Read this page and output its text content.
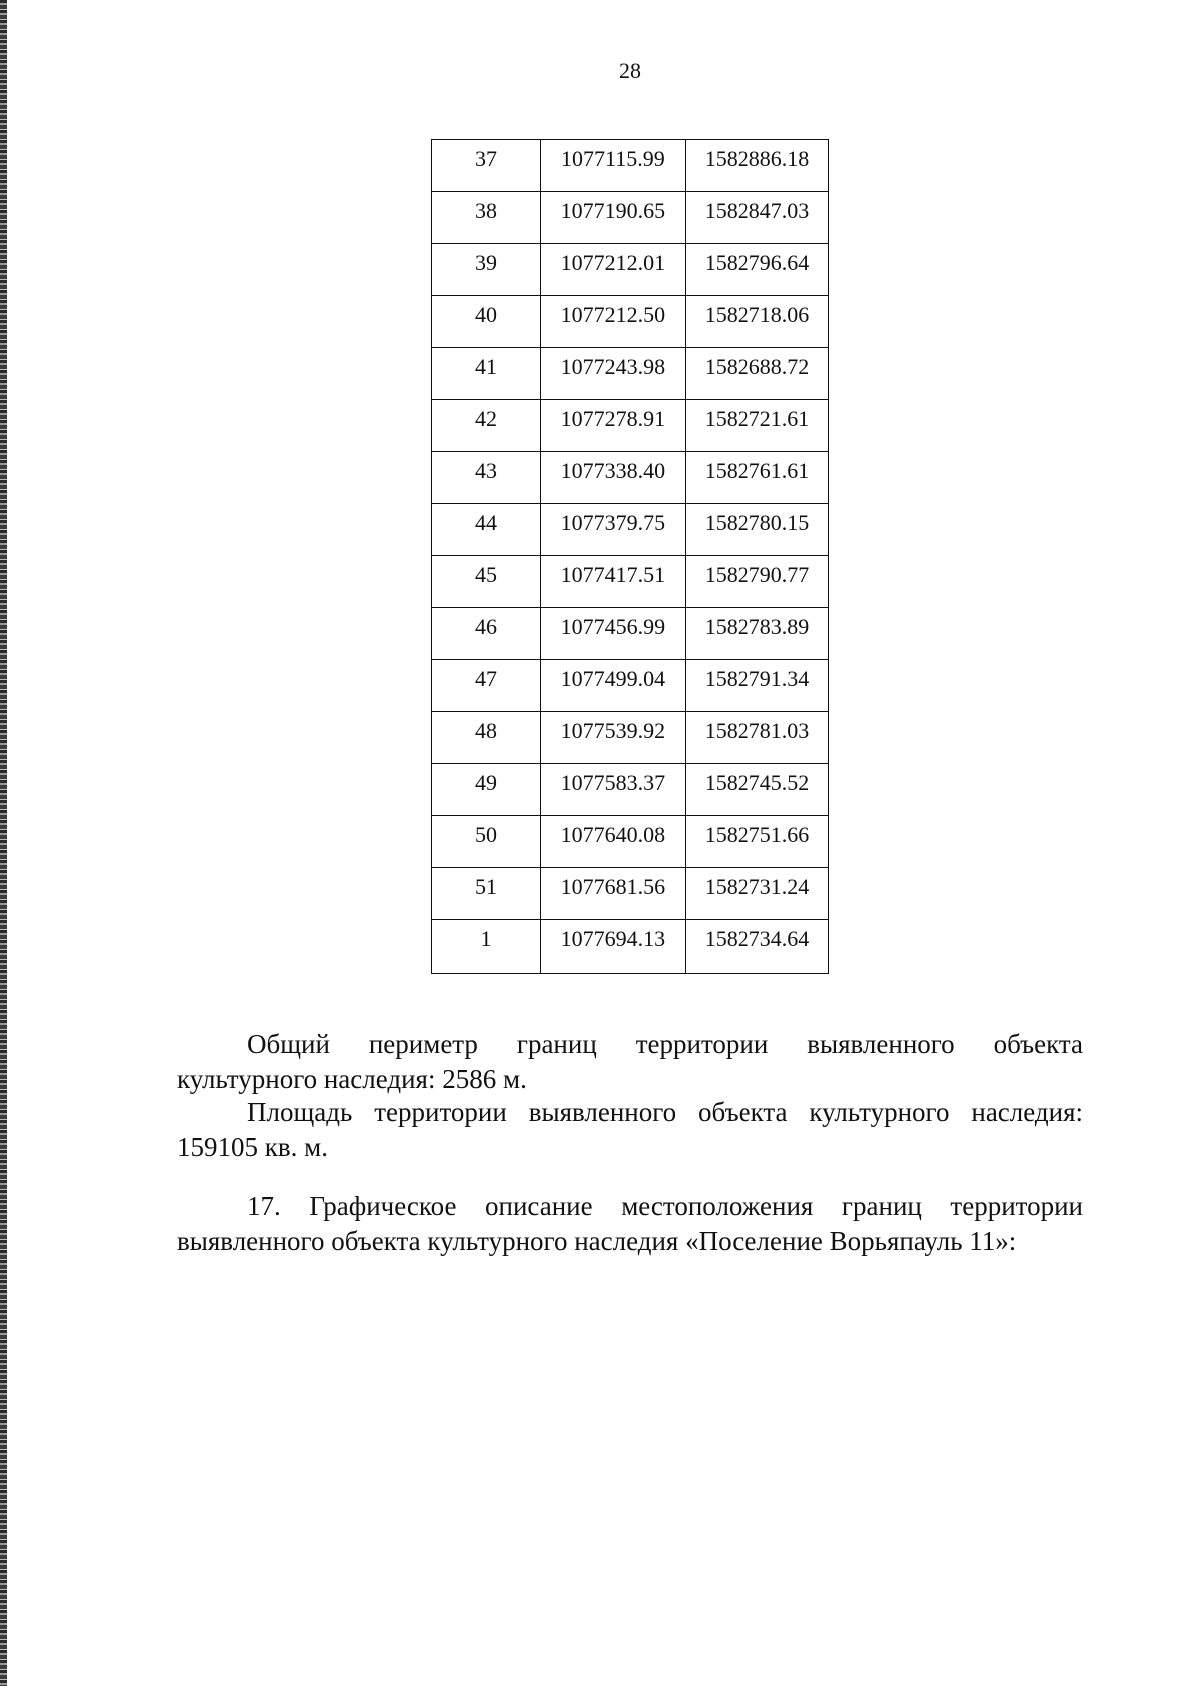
28
37	1077115.99	1582886.18

38	1077190.65	1582847.03

39	1077212.01	1582796.64

40	1077212.50	1582718.06

41	1077243.98	1582688.72

42	1077278.91	1582721.61

43	1077338.40	1582761.61

44	1077379.75	1582780.15

45	1077417.51	1582790.77

46	1077456.99	1582783.89

47	1077499.04	1582791.34

48	1077539.92	1582781.03

49	1077583.37	1582745.52

50	1077640.08	1582751.66

51	1077681.56	1582731.24

1	1077694.13	1582734.64
Общий периметр границ территории выявленного объекта
культурного наследия: 2586 м.
Площадь территории выявленного объекта культурного наследия:
159105 кв. м.
17. Графическое описание местоположения границ территории
выявленного объекта культурного наследия «Поселение Ворьяпауль 11»:
